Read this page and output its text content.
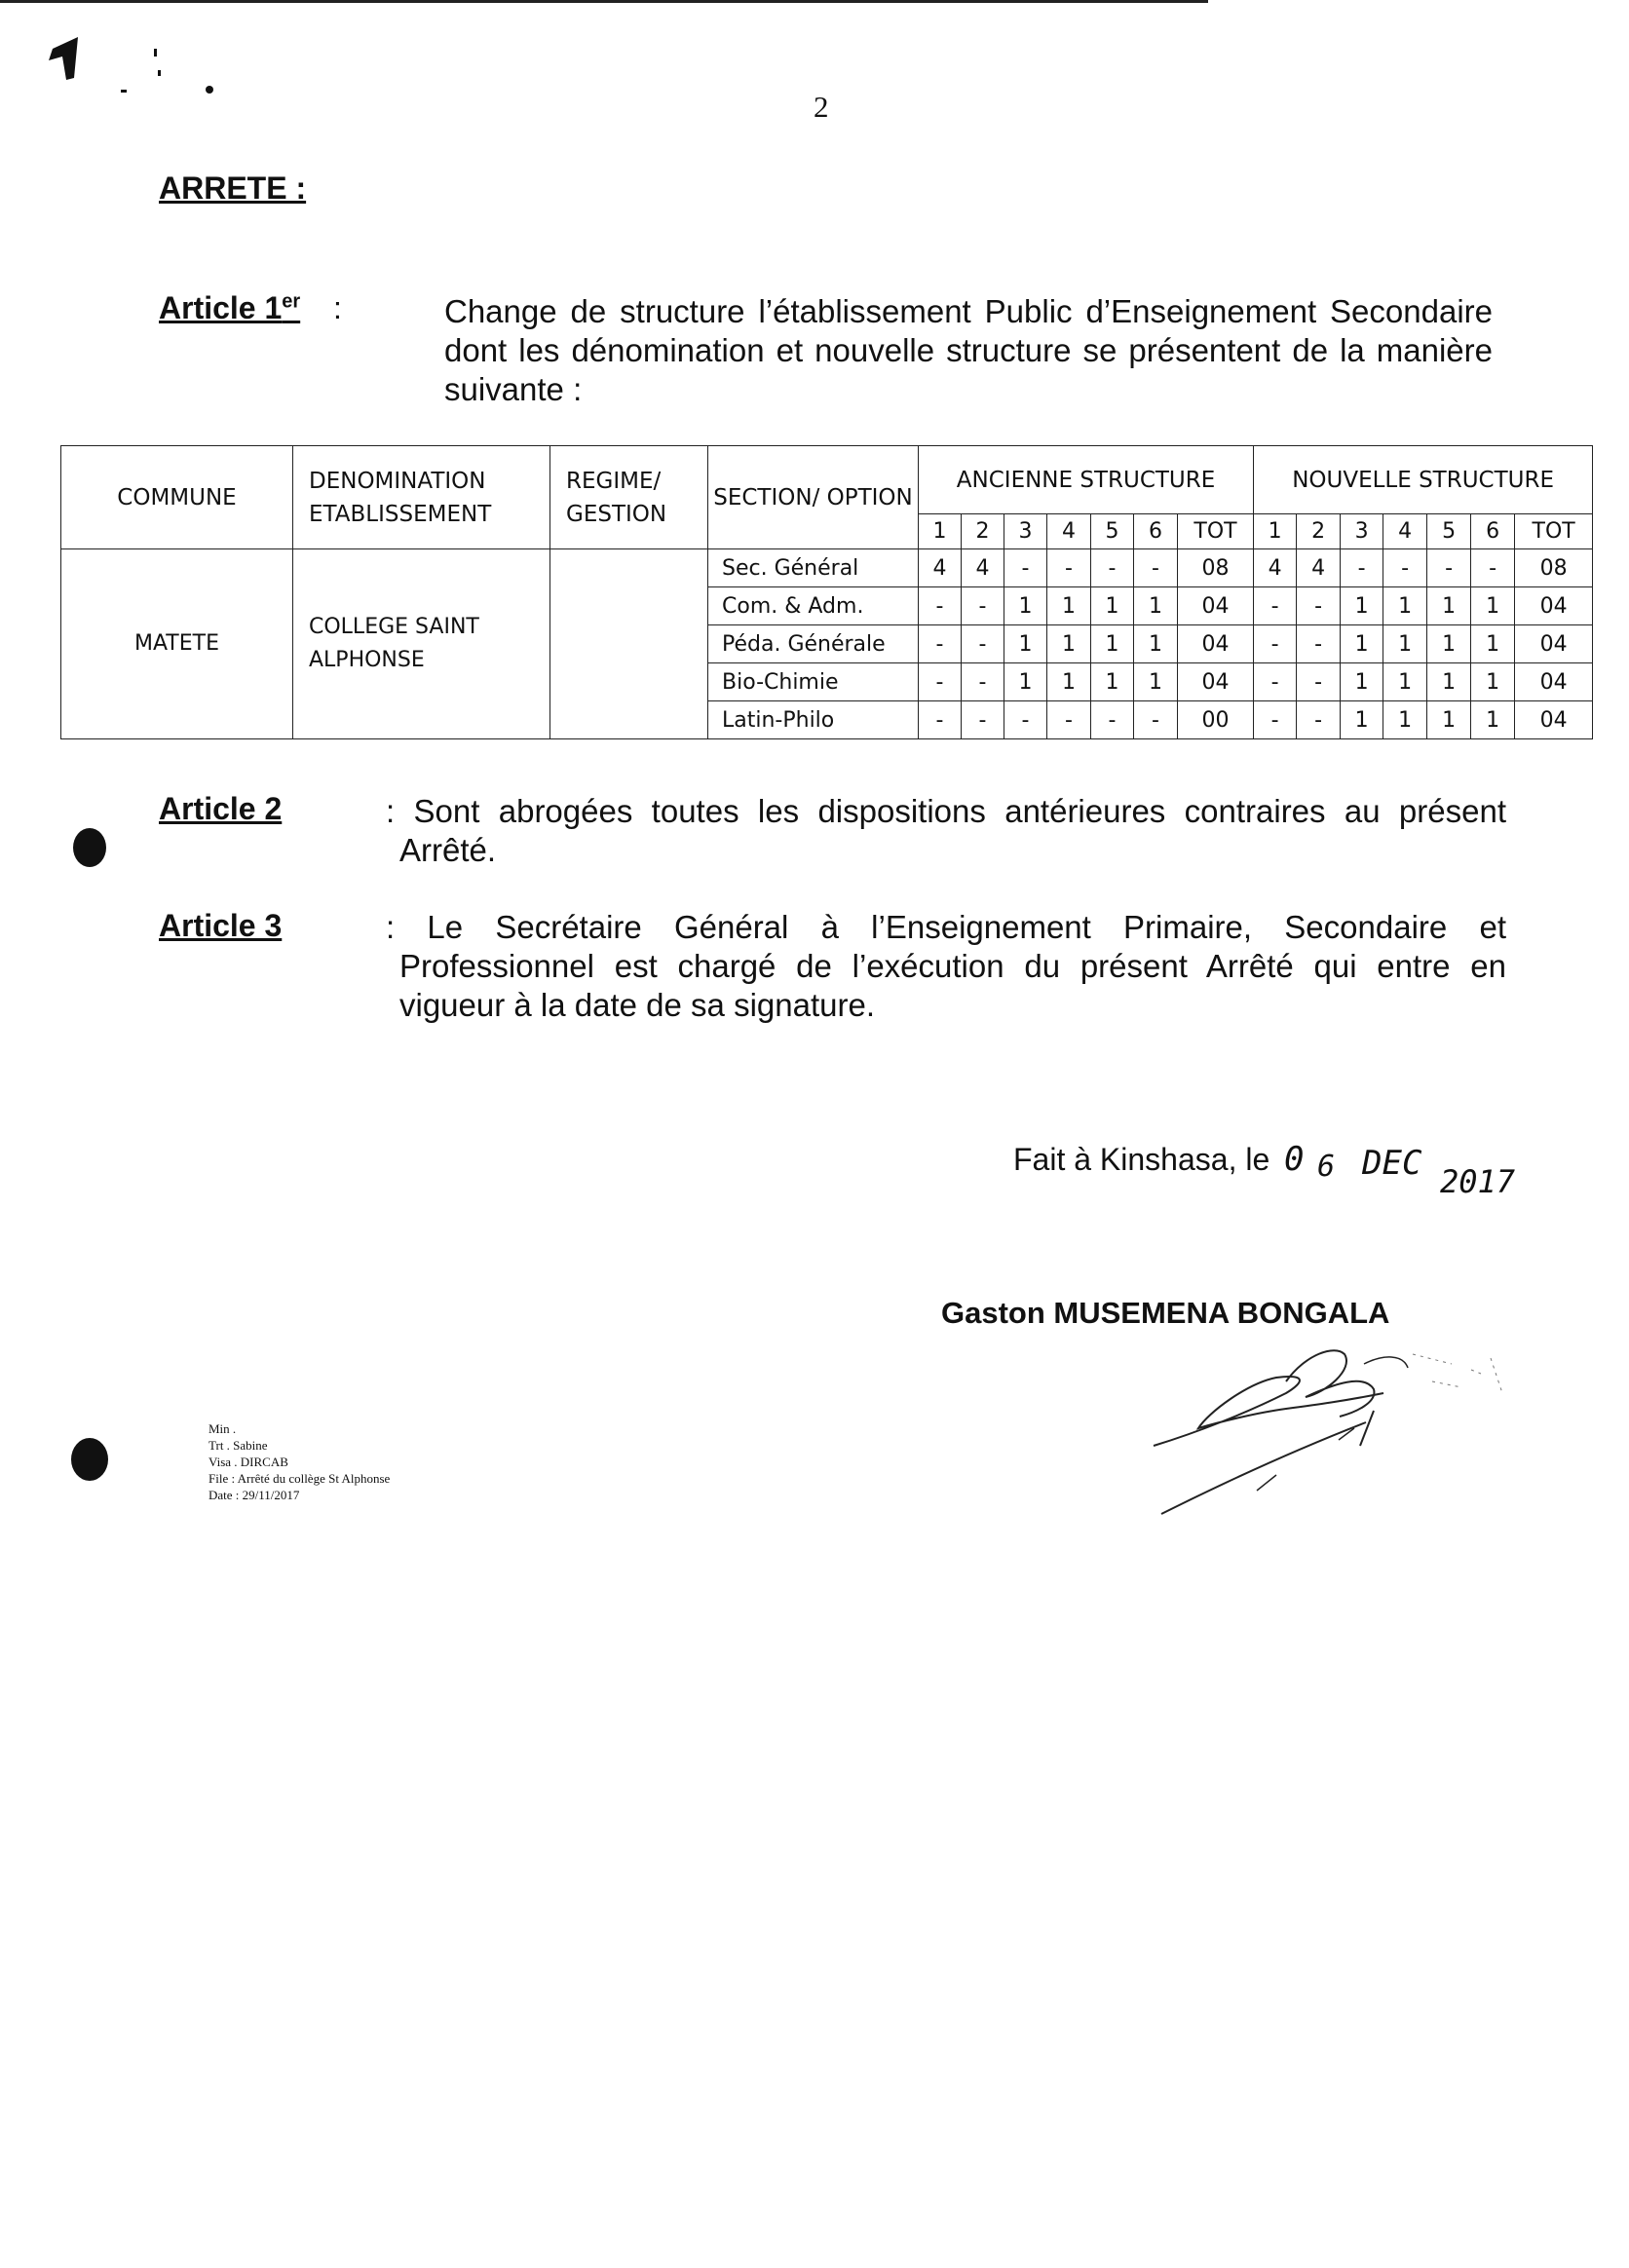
2
ARRETE :
Article 1er :	Change de structure l’établissement Public d’Enseignement Secondaire dont les dénomination et nouvelle structure se présentent de la manière suivante :
COMMUNE	DENOMINATION ETABLISSEMENT	REGIME/ GESTION	SECTION/ OPTION	ANCIENNE STRUCTURE							NOUVELLE STRUCTURE						
				1	2	3	4	5	6	TOT	1	2	3	4	5	6	TOT
MATETE	COLLEGE SAINT ALPHONSE		Sec. Général	4	4	-	-	-	-	08	4	4	-	-	-	-	08
			Com. & Adm.	-	-	1	1	1	1	04	-	-	1	1	1	1	04
			Péda. Générale	-	-	1	1	1	1	04	-	-	1	1	1	1	04
			Bio-Chimie	-	-	1	1	1	1	04	-	-	1	1	1	1	04
			Latin-Philo	-	-	-	-	-	-	00	-	-	1	1	1	1	04
Article 2	: Sont abrogées toutes les dispositions antérieures contraires au présent Arrêté.
Article 3	: Le Secrétaire Général à l’Enseignement Primaire, Secondaire et Professionnel est chargé de l’exécution du présent Arrêté qui entre en vigueur à la date de sa signature.
Fait à Kinshasa, le 0 6 DEC 2017
Gaston MUSEMENA BONGALA
Min .
Trt . Sabine
Visa . DIRCAB
File : Arrêté du collège St Alphonse
Date : 29/11/2017
